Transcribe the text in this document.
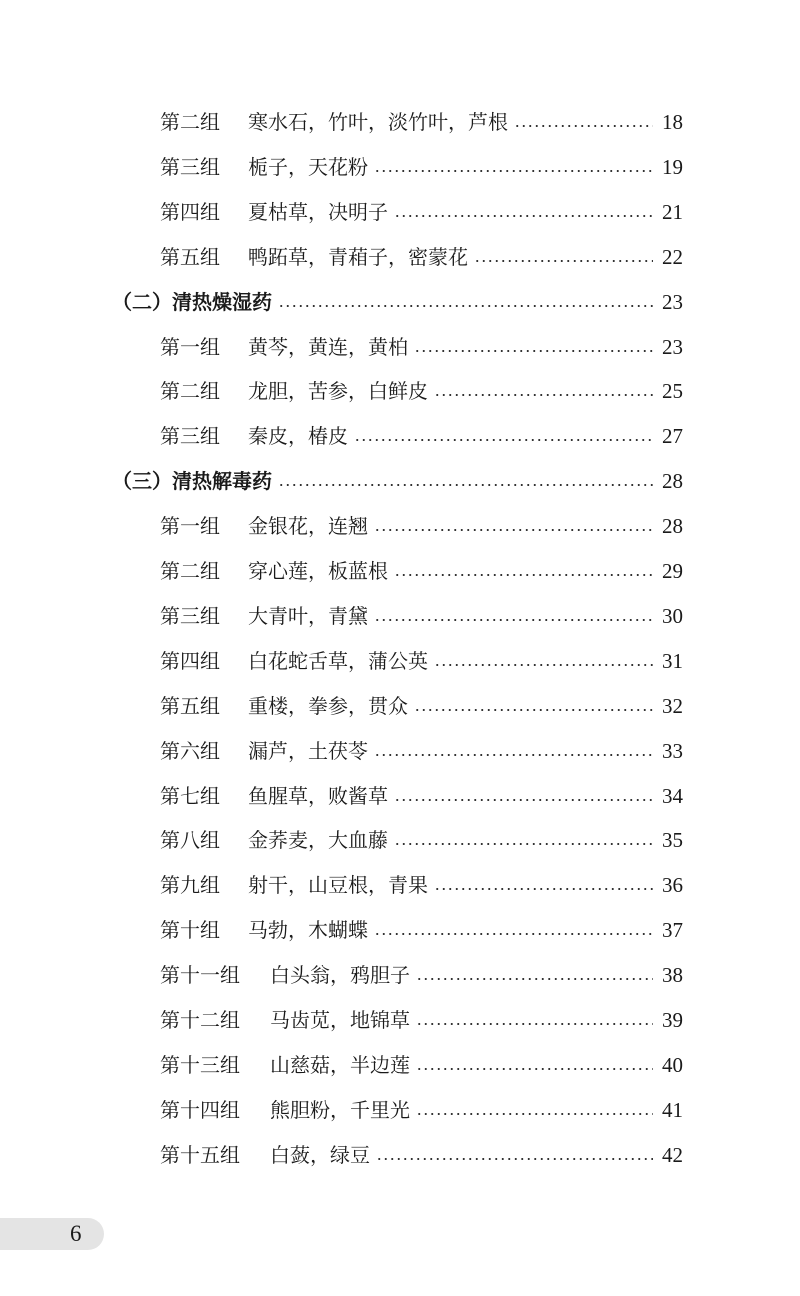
第二组	寒水石，竹叶，淡竹叶，芦根	18
第三组	栀子，天花粉	19
第四组	夏枯草，决明子	21
第五组	鸭跖草，青葙子，密蒙花	22
（二）清热燥湿药	23
第一组	黄芩，黄连，黄柏	23
第二组	龙胆，苦参，白鲜皮	25
第三组	秦皮，椿皮	27
（三）清热解毒药	28
第一组	金银花，连翘	28
第二组	穿心莲，板蓝根	29
第三组	大青叶，青黛	30
第四组	白花蛇舌草，蒲公英	31
第五组	重楼，拳参，贯众	32
第六组	漏芦，土茯苓	33
第七组	鱼腥草，败酱草	34
第八组	金荞麦，大血藤	35
第九组	射干，山豆根，青果	36
第十组	马勃，木蝴蝶	37
第十一组	白头翁，鸦胆子	38
第十二组	马齿苋，地锦草	39
第十三组	山慈菇，半边莲	40
第十四组	熊胆粉，千里光	41
第十五组	白蔹，绿豆	42
6
